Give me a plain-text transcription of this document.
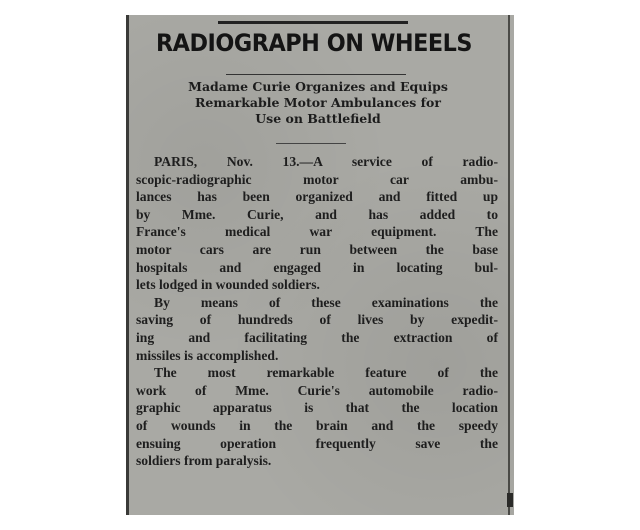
RADIOGRAPH ON WHEELS
Madame Curie Organizes and Equips
Remarkable Motor Ambulances for
Use on Battlefield
PARIS, Nov. 13.—A service of radio-
scopic-radiographic motor car ambu-
lances has been organized and fitted up
by Mme. Curie, and has added to
France's medical war equipment. The
motor cars are run between the base
hospitals and engaged in locating bul-
lets lodged in wounded soldiers.
By means of these examinations the
saving of hundreds of lives by expedit-
ing and facilitating the extraction of
missiles is accomplished.
The most remarkable feature of the
work of Mme. Curie's automobile radio-
graphic apparatus is that the location
of wounds in the brain and the speedy
ensuing operation frequently save the
soldiers from paralysis.
